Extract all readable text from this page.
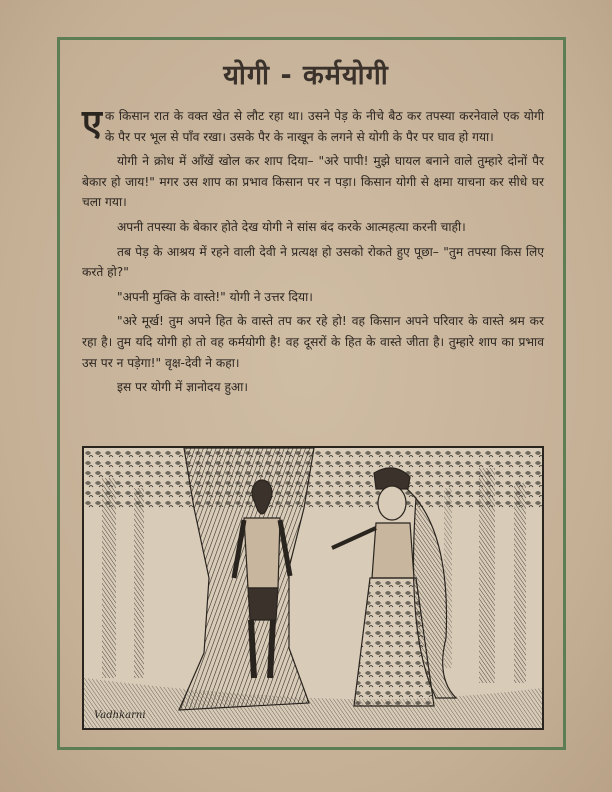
योगी - कर्मयोगी

एक किसान रात के वक्त खेत से लौट रहा था। उसने पेड़ के नीचे बैठ कर तपस्या करनेवाले एक योगी के पैर पर भूल से पाँव रखा। उसके पैर के नाखून के लगने से योगी के पैर पर घाव हो गया।

योगी ने क्रोध में आँखें खोल कर शाप दिया– "अरे पापी! मुझे घायल बनाने वाले तुम्हारे दोनों पैर बेकार हो जाय!" मगर उस शाप का प्रभाव किसान पर न पड़ा। किसान योगी से क्षमा याचना कर सीधे घर चला गया।

अपनी तपस्या के बेकार होते देख योगी ने सांस बंद करके आत्महत्या करनी चाही।

तब पेड़ के आश्रय में रहने वाली देवी ने प्रत्यक्ष हो उसको रोकते हुए पूछा– "तुम तपस्या किस लिए करते हो?"

"अपनी मुक्ति के वास्ते!" योगी ने उत्तर दिया।

"अरे मूर्ख! तुम अपने हित के वास्ते तप कर रहे हो! वह किसान अपने परिवार के वास्ते श्रम कर रहा है। तुम यदि योगी हो तो वह कर्मयोगी है! वह दूसरों के हित के वास्ते जीता है। तुम्हारे शाप का प्रभाव उस पर न पड़ेगा!" वृक्ष-देवी ने कहा।

इस पर योगी में ज्ञानोदय हुआ।

Vadhkarni
